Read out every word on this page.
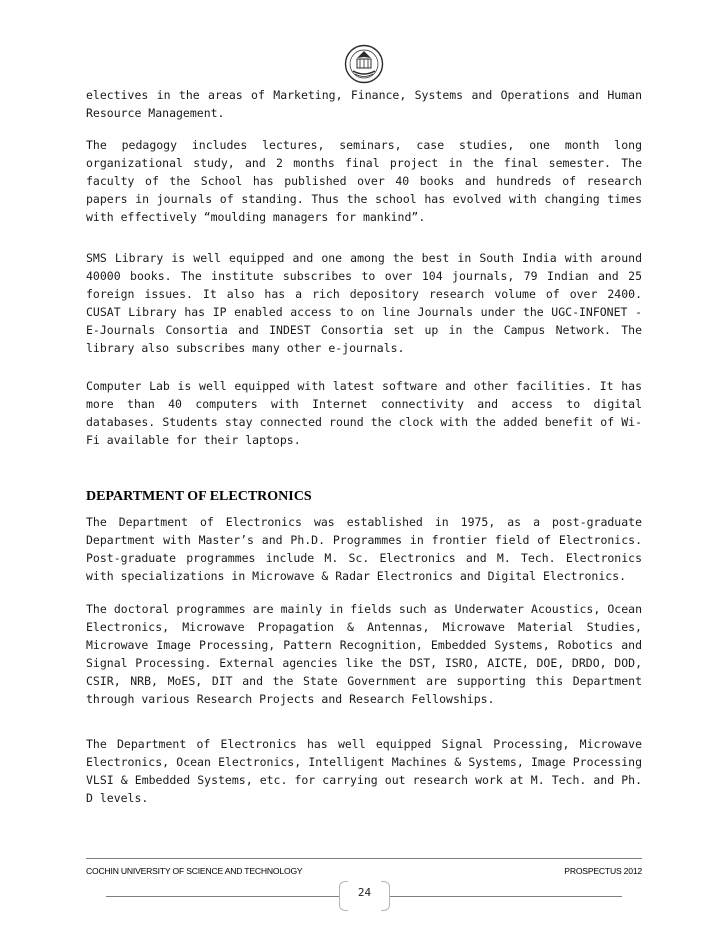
electives in the areas of Marketing, Finance, Systems and Operations and Human Resource Management.

The pedagogy includes lectures, seminars, case studies, one month long organizational study, and 2 months final project in the final semester. The faculty of the School has published over 40 books and hundreds of research papers in journals of standing. Thus the school has evolved with changing times with effectively “moulding managers for mankind”.

SMS Library is well equipped and one among the best in South India with around 40000 books. The institute subscribes to over 104 journals, 79 Indian and 25 foreign issues. It also has a rich depository research volume of over 2400. CUSAT Library has IP enabled access to on line Journals under the UGC-INFONET - E-Journals Consortia and INDEST Consortia set up in the Campus Network. The library also subscribes many other e-journals.

Computer Lab is well equipped with latest software and other facilities. It has more than 40 computers with Internet connectivity and access to digital databases. Students stay connected round the clock with the added benefit of Wi-Fi available for their laptops.

DEPARTMENT OF ELECTRONICS

The Department of Electronics was established in 1975, as a post-graduate Department with Master’s and Ph.D. Programmes in frontier field of Electronics. Post-graduate programmes include M. Sc. Electronics and M. Tech. Electronics with specializations in Microwave & Radar Electronics and Digital Electronics.

The doctoral programmes are mainly in fields such as Underwater Acoustics, Ocean Electronics, Microwave Propagation & Antennas, Microwave Material Studies, Microwave Image Processing, Pattern Recognition, Embedded Systems, Robotics and Signal Processing. External agencies like the DST, ISRO, AICTE, DOE, DRDO, DOD, CSIR, NRB, MoES, DIT and the State Government are supporting this Department through various Research Projects and Research Fellowships.

The Department of Electronics has well equipped Signal Processing, Microwave Electronics, Ocean Electronics, Intelligent Machines & Systems, Image Processing VLSI & Embedded Systems, etc. for carrying out research work at M. Tech. and Ph. D levels.

COCHIN UNIVERSITY OF SCIENCE AND TECHNOLOGY	PROSPECTUS 2012
24
